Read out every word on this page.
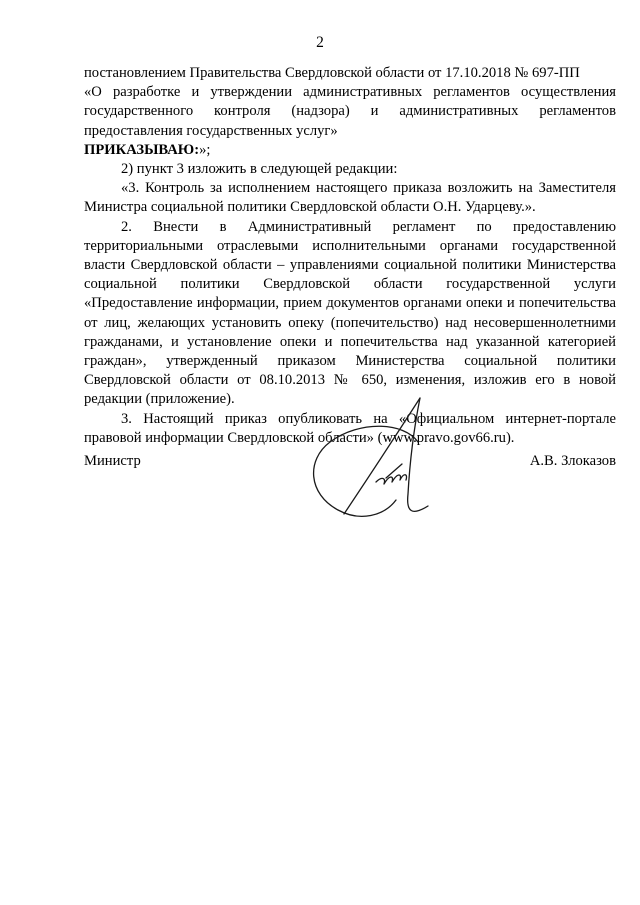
2

постановлением Правительства Свердловской области от 17.10.2018 № 697-ПП

«О разработке и утверждении административных регламентов осуществления государственного контроля (надзора) и административных регламентов предоставления государственных услуг»

ПРИКАЗЫВАЮ:»;

2) пункт 3 изложить в следующей редакции:

«3. Контроль за исполнением настоящего приказа возложить на Заместителя Министра социальной политики Свердловской области О.Н. Ударцеву.».

2. Внести в Административный регламент по предоставлению территориальными отраслевыми исполнительными органами государственной власти Свердловской области – управлениями социальной политики Министерства социальной политики Свердловской области государственной услуги «Предоставление информации, прием документов органами опеки и попечительства от лиц, желающих установить опеку (попечительство) над несовершеннолетними гражданами, и установление опеки и попечительства над указанной категорией граждан», утвержденный приказом Министерства социальной политики Свердловской области от 08.10.2013 № 650, изменения, изложив его в новой редакции (приложение).

3. Настоящий приказ опубликовать на «Официальном интернет-портале правовой информации Свердловской области» (www.pravo.gov66.ru).

Министр	А.В. Злоказов
